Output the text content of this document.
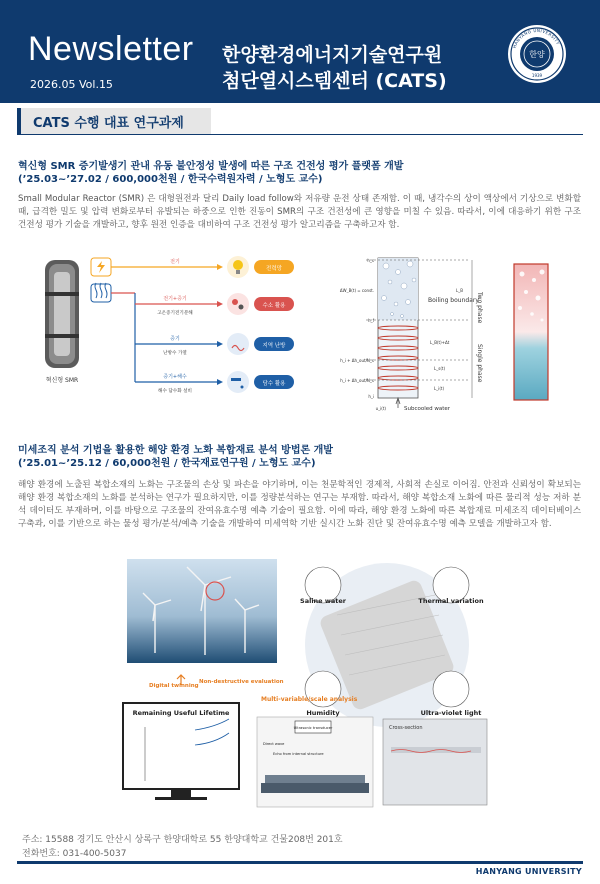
Newsletter
2026.05 Vol.15
한양환경에너지기술연구원
첨단열시스템센터 (CATS)
한양
1939
HANYANG UNIVERSITY
CATS 수행 대표 연구과제
혁신형 SMR 증기발생기 관내 유동 불안정성 발생에 따른 구조 건전성 평가 플랫폼 개발
(’25.03~’27.02 / 600,000천원 / 한국수력원자력 / 노형도 교수)
Small Modular Reactor (SMR) 은 대형원전과 달리 Daily load follow와 저유량 운전 상태 존재함. 이 때, 냉각수의 상이 액상에서 기상으로 변화할 때, 급격한 밀도 및 압력 변화로부터 유발되는 하중으로 인한 진동이 SMR의 구조 건전성에 큰 영향을 미칠 수 있음. 따라서, 이에 대응하기 위한 구조 건전성 평가 기술을 개발하고, 향후 원전 인증을 대비하여 구조 건전성 평가 알고리즘을 구축하고자 함.
혁신형 SMR
전기
전기+증기
고온증기전기분해
증기
난방수 가열
증기+해수
해수 담수화 설비
전력망
수소 활용
지역 난방
담수 활용
Boiling boundary
Subcooled water
h_s
h_f
h_i + Δh_out/N_s
h_i + Δh_out/N_s
h_i
ΔW_B(t) = const.	L_B
L_B(t)+Δt
L_s(t)
L_i(t)
u_i(t)
Two phase
Single phase
미세조직 분석 기법을 활용한 해양 환경 노화 복합재료 분석 방법론 개발
(’25.01~’25.12 / 60,000천원 / 한국재료연구원 / 노형도 교수)
해양 환경에 노출된 복합소재의 노화는 구조물의 손상 및 파손을 야기하며, 이는 천문학적인 경제적, 사회적 손실로 이어짐. 안전과 신뢰성이 확보되는 해양 환경 복합소재의 노화를 분석하는 연구가 필요하지만, 이를 정량분석하는 연구는 부재함. 따라서, 해양 복합소재 노화에 따른 물리적 성능 저하 분석 데이터도 부재하며, 이를 바탕으로 구조물의 잔여유효수명 예측 기술이 필요함. 이에 따라, 해양 환경 노화에 따른 복합재료 미세조직 데이터베이스 구축과, 이를 기반으로 하는 물성 평가/분석/예측 기술을 개발하여 미세역학 기반 실시간 노화 진단 및 잔여유효수명 예측 모델을 개발하고자 함.
Saline water	Thermal variation
Humidity	Ultra-violet light
Digital twinning
Non-destructive evaluation
Multi-variable/scale analysis
Remaining Useful Lifetime
Ultrasonic transducer
Direct wave
Echo from internal structure
Cross-section
주소: 15588 경기도 안산시 상록구 한양대학로 55 한양대학교 건물208번 201호
전화번호: 031-400-5037
HANYANG UNIVERSITY
